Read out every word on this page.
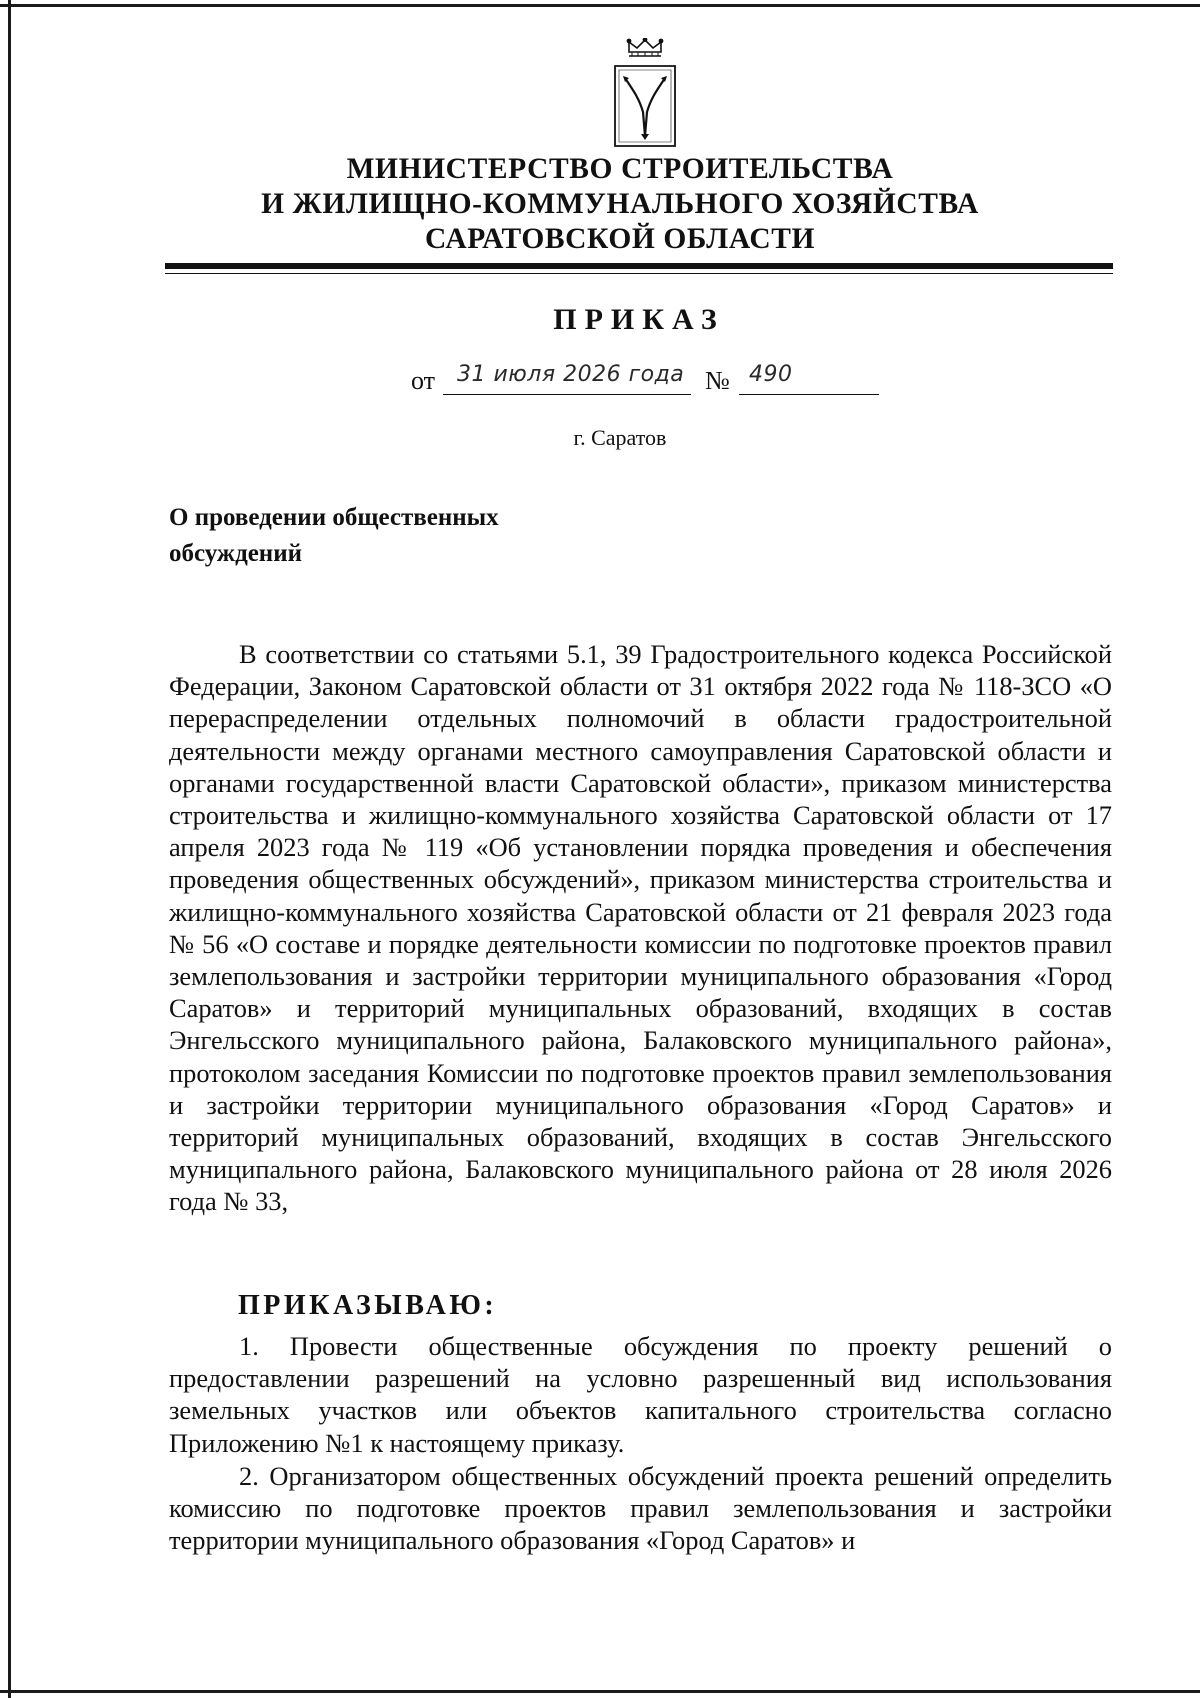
МИНИСТЕРСТВО СТРОИТЕЛЬСТВА
И ЖИЛИЩНО-КОММУНАЛЬНОГО ХОЗЯЙСТВА
САРАТОВСКОЙ ОБЛАСТИ
ПРИКАЗ
от 31 июля 2026 года № 490
г. Саратов
О проведении общественных
обсуждений

В соответствии со статьями 5.1, 39 Градостроительного кодекса Российской Федерации, Законом Саратовской области от 31 октября 2022 года № 118-ЗСО «О перераспределении отдельных полномочий в области градостроительной деятельности между органами местного самоуправления Саратовской области и органами государственной власти Саратовской области», приказом министерства строительства и жилищно-коммунального хозяйства Саратовской области от 17 апреля 2023 года № 119 «Об установлении порядка проведения и обеспечения проведения общественных обсуждений», приказом министерства строительства и жилищно-коммунального хозяйства Саратовской области от 21 февраля 2023 года № 56 «О составе и порядке деятельности комиссии по подготовке проектов правил землепользования и застройки территории муниципального образования «Город Саратов» и территорий муниципальных образований, входящих в состав Энгельсского муниципального района, Балаковского муниципального района», протоколом заседания Комиссии по подготовке проектов правил землепользования и застройки территории муниципального образования «Город Саратов» и территорий муниципальных образований, входящих в состав Энгельсского муниципального района, Балаковского муниципального района от 28 июля 2026 года № 33,

ПРИКАЗЫВАЮ:

1. Провести общественные обсуждения по проекту решений о предоставлении разрешений на условно разрешенный вид использования земельных участков или объектов капитального строительства согласно Приложению №1 к настоящему приказу.

2. Организатором общественных обсуждений проекта решений определить комиссию по подготовке проектов правил землепользования и застройки территории муниципального образования «Город Саратов» и
